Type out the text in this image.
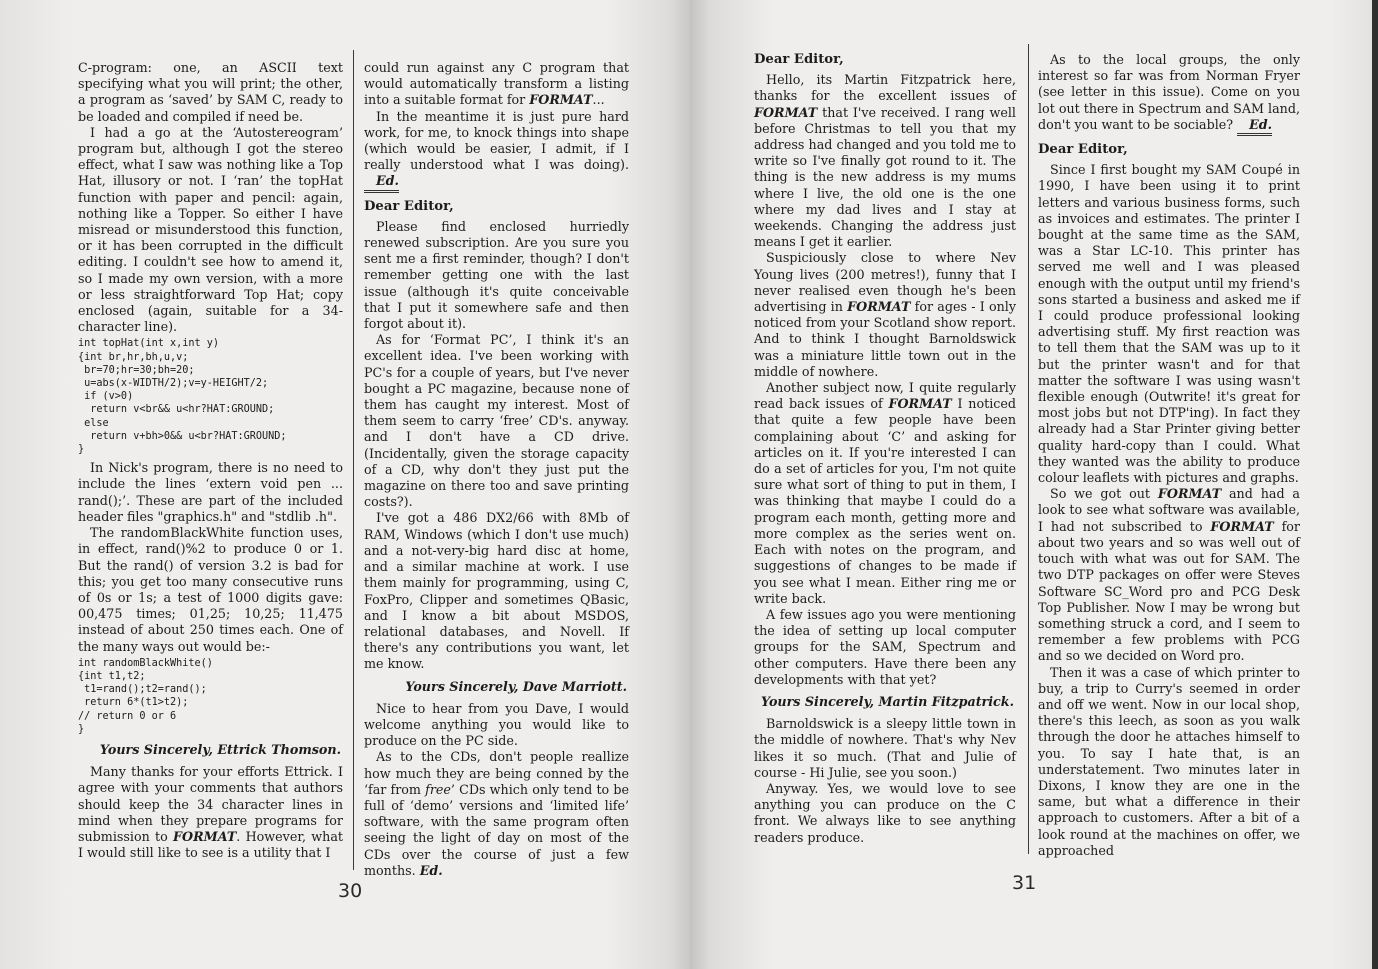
C-program: one, an ASCII text specifying what you will print; the other, a program as ‘saved’ by SAM C, ready to be loaded and compiled if need be.

I had a go at the ‘Autostereogram’ program but, although I got the stereo effect, what I saw was nothing like a Top Hat, illusory or not. I ‘ran’ the topHat function with paper and pencil: again, nothing like a Topper. So either I have misread or misunderstood this function, or it has been corrupted in the difficult editing. I couldn't see how to amend it, so I made my own version, with a more or less straightforward Top Hat; copy enclosed (again, suitable for a 34-character line).

int topHat(int x,int y)
{int br,hr,bh,u,v;
br=70;hr=30;bh=20;
u=abs(x-WIDTH/2);v=y-HEIGHT/2;
if (v>0)
return v<br&& u<hr?HAT:GROUND;
else
return v+bh>0&& u<br?HAT:GROUND;
}

In Nick's program, there is no need to include the lines ‘extern void pen ... rand();’. These are part of the included header files "graphics.h" and "stdlib .h".

The randomBlackWhite function uses, in effect, rand()%2 to produce 0 or 1. But the rand() of version 3.2 is bad for this; you get too many consecutive runs of 0s or 1s; a test of 1000 digits gave: 00,475 times; 01,25; 10,25; 11,475 instead of about 250 times each. One of the many ways out would be:-

int randomBlackWhite()
{int t1,t2;
t1=rand();t2=rand();
return 6*(t1>t2);
// return 0 or 6
}

Yours Sincerely, Ettrick Thomson.

Many thanks for your efforts Ettrick. I agree with your comments that authors should keep the 34 character lines in mind when they prepare programs for submission to FORMAT. However, what I would still like to see is a utility that I

could run against any C program that would automatically transform a listing into a suitable format for FORMAT...

In the meantime it is just pure hard work, for me, to knock things into shape (which would be easier, I admit, if I really understood what I was doing). Ed.

Dear Editor,

Please find enclosed hurriedly renewed subscription. Are you sure you sent me a first reminder, though? I don't remember getting one with the last issue (although it's quite conceivable that I put it somewhere safe and then forgot about it).

As for ‘Format PC’, I think it's an excellent idea. I've been working with PC's for a couple of years, but I've never bought a PC magazine, because none of them has caught my interest. Most of them seem to carry ‘free’ CD's. anyway. and I don't have a CD drive. (Incidentally, given the storage capacity of a CD, why don't they just put the magazine on there too and save printing costs?).

I've got a 486 DX2/66 with 8Mb of RAM, Windows (which I don't use much) and a not-very-big hard disc at home, and a similar machine at work. I use them mainly for programming, using C, FoxPro, Clipper and sometimes QBasic, and I know a bit about MSDOS, relational databases, and Novell. If there's any contributions you want, let me know.

Yours Sincerely, Dave Marriott.

Nice to hear from you Dave, I would welcome anything you would like to produce on the PC side.

As to the CDs, don't people reallize how much they are being conned by the ‘far from free’ CDs which only tend to be full of ‘demo’ versions and ‘limited life’ software, with the same program often seeing the light of day on most of the CDs over the course of just a few months. Ed.

30
Dear Editor,

Hello, its Martin Fitzpatrick here, thanks for the excellent issues of FORMAT that I've received. I rang well before Christmas to tell you that my address had changed and you told me to write so I've finally got round to it. The thing is the new address is my mums where I live, the old one is the one where my dad lives and I stay at weekends. Changing the address just means I get it earlier.

Suspiciously close to where Nev Young lives (200 metres!), funny that I never realised even though he's been advertising in FORMAT for ages - I only noticed from your Scotland show report. And to think I thought Barnoldswick was a miniature little town out in the middle of nowhere.

Another subject now, I quite regularly read back issues of FORMAT I noticed that quite a few people have been complaining about ‘C’ and asking for articles on it. If you're interested I can do a set of articles for you, I'm not quite sure what sort of thing to put in them, I was thinking that maybe I could do a program each month, getting more and more complex as the series went on. Each with notes on the program, and suggestions of changes to be made if you see what I mean. Either ring me or write back.

A few issues ago you were mentioning the idea of setting up local computer groups for the SAM, Spectrum and other computers. Have there been any developments with that yet?

Yours Sincerely, Martin Fitzpatrick.

Barnoldswick is a sleepy little town in the middle of nowhere. That's why Nev likes it so much. (That and Julie of course - Hi Julie, see you soon.)

Anyway. Yes, we would love to see anything you can produce on the C front. We always like to see anything readers produce.

As to the local groups, the only interest so far was from Norman Fryer (see letter in this issue). Come on you lot out there in Spectrum and SAM land, don't you want to be sociable? Ed.

Dear Editor,

Since I first bought my SAM Coupé in 1990, I have been using it to print letters and various business forms, such as invoices and estimates. The printer I bought at the same time as the SAM, was a Star LC-10. This printer has served me well and I was pleased enough with the output until my friend's sons started a business and asked me if I could produce professional looking advertising stuff. My first reaction was to tell them that the SAM was up to it but the printer wasn't and for that matter the software I was using wasn't flexible enough (Outwrite! it's great for most jobs but not DTP'ing). In fact they already had a Star Printer giving better quality hard-copy than I could. What they wanted was the ability to produce colour leaflets with pictures and graphs.

So we got out FORMAT and had a look to see what software was available, I had not subscribed to FORMAT for about two years and so was well out of touch with what was out for SAM. The two DTP packages on offer were Steves Software SC_Word pro and PCG Desk Top Publisher. Now I may be wrong but something struck a cord, and I seem to remember a few problems with PCG and so we decided on Word pro.

Then it was a case of which printer to buy, a trip to Curry's seemed in order and off we went. Now in our local shop, there's this leech, as soon as you walk through the door he attaches himself to you. To say I hate that, is an understatement. Two minutes later in Dixons, I know they are one in the same, but what a difference in their approach to customers. After a bit of a look round at the machines on offer, we approached

31
